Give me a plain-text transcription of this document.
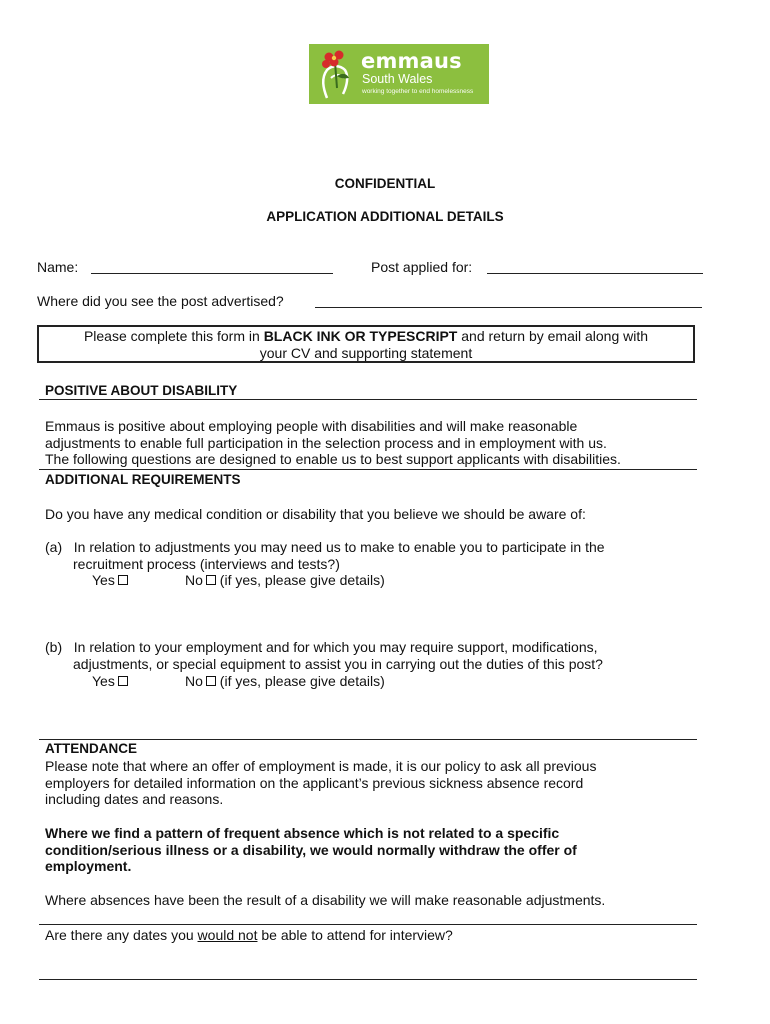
emmaus
South Wales
working together to end homelessness
CONFIDENTIAL
APPLICATION ADDITIONAL DETAILS
Name:	Post applied for:
Where did you see the post advertised?
Please complete this form in BLACK INK OR TYPESCRIPT and return by email along with
your CV and supporting statement
POSITIVE ABOUT DISABILITY
Emmaus is positive about employing people with disabilities and will make reasonable
adjustments to enable full participation in the selection process and in employment with us.
The following questions are designed to enable us to best support applicants with disabilities.
ADDITIONAL REQUIREMENTS
Do you have any medical condition or disability that you believe we should be aware of:
(a) In relation to adjustments you may need us to make to enable you to participate in the
recruitment process (interviews and tests?)
Yes	No (if yes, please give details)
(b) In relation to your employment and for which you may require support, modifications,
adjustments, or special equipment to assist you in carrying out the duties of this post?
Yes	No (if yes, please give details)
ATTENDANCE
Please note that where an offer of employment is made, it is our policy to ask all previous
employers for detailed information on the applicant’s previous sickness absence record
including dates and reasons.
Where we find a pattern of frequent absence which is not related to a specific
condition/serious illness or a disability, we would normally withdraw the offer of
employment.
Where absences have been the result of a disability we will make reasonable adjustments.
Are there any dates you would not be able to attend for interview?
